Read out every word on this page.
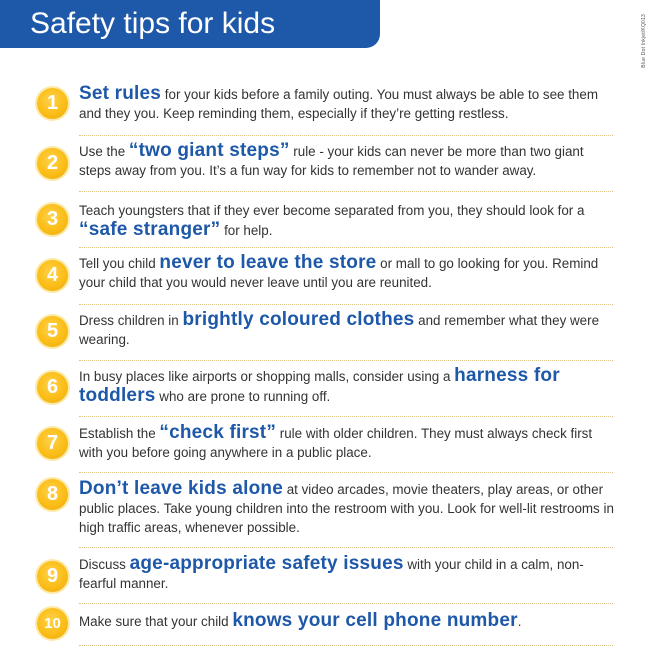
Safety tips for kids	Blue Dot Inkjet/KQ013
1	Set rules for your kids before a family outing. You must always be able to see them and they you. Keep reminding them, especially if they’re getting restless.
2
Use the “two giant steps” rule - your kids can never be more than two giant steps away from you. It’s a fun way for kids to remember not to wander away.
3	Teach youngsters that if they ever become separated from you, they should look for a “safe stranger” for help.
4
Tell you child never to leave the store or mall to go looking for you. Remind your child that you would never leave until you are reunited.
5	Dress children in brightly coloured clothes and remember what they were wearing.
6	In busy places like airports or shopping malls, consider using a harness for toddlers who are prone to running off.
7	Establish the “check first” rule with older children. They must always check first with you before going anywhere in a public place.
8	Don’t leave kids alone at video arcades, movie theaters, play areas, or other public places. Take young children into the restroom with you. Look for well-lit restrooms in high traffic areas, whenever possible.
9
Discuss age-appropriate safety issues with your child in a calm, non-fearful manner.
10	Make sure that your child knows your cell phone number.
